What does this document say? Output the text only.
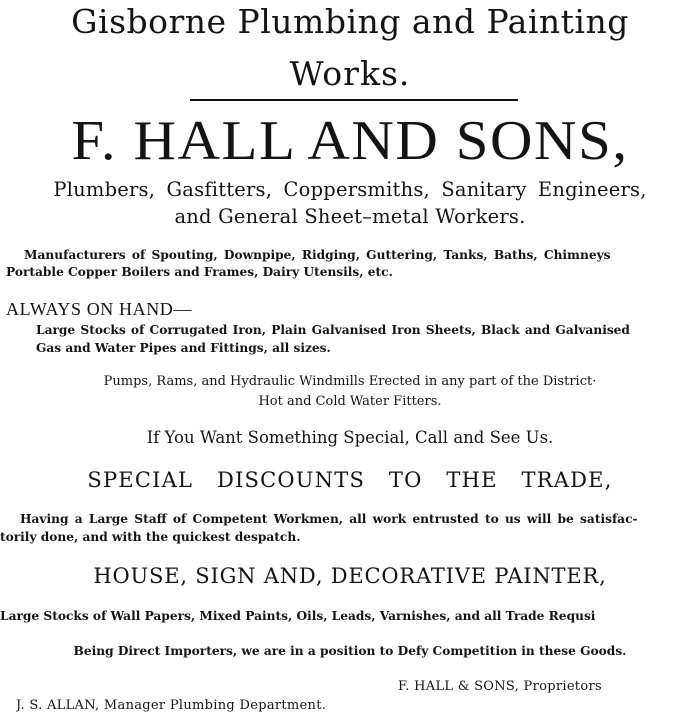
Gisborne Plumbing and Painting
Works.
F. HALL AND SONS,
Plumbers, Gasfitters, Coppersmiths, Sanitary Engineers,
and General Sheet–metal Workers.
Manufacturers of Spouting, Downpipe, Ridging, Guttering, Tanks, Baths, Chimneys
Portable Copper Boilers and Frames, Dairy Utensils, etc.
ALWAYS ON HAND—
Large Stocks of Corrugated Iron, Plain Galvanised Iron Sheets, Black and Galvanised
Gas and Water Pipes and Fittings, all sizes.
Pumps, Rams, and Hydraulic Windmills Erected in any part of the District·
Hot and Cold Water Fitters.
If You Want Something Special, Call and See Us.
SPECIAL DISCOUNTS TO THE TRADE,
Having a Large Staff of Competent Workmen, all work entrusted to us will be satisfac-
torily done, and with the quickest despatch.
HOUSE, SIGN AND, DECORATIVE PAINTER,
Large Stocks of Wall Papers, Mixed Paints, Oils, Leads, Varnishes, and all Trade Requsi
Being Direct Importers, we are in a position to Defy Competition in these Goods.
F. HALL & SONS, Proprietors
J. S. ALLAN, Manager Plumbing Department.
